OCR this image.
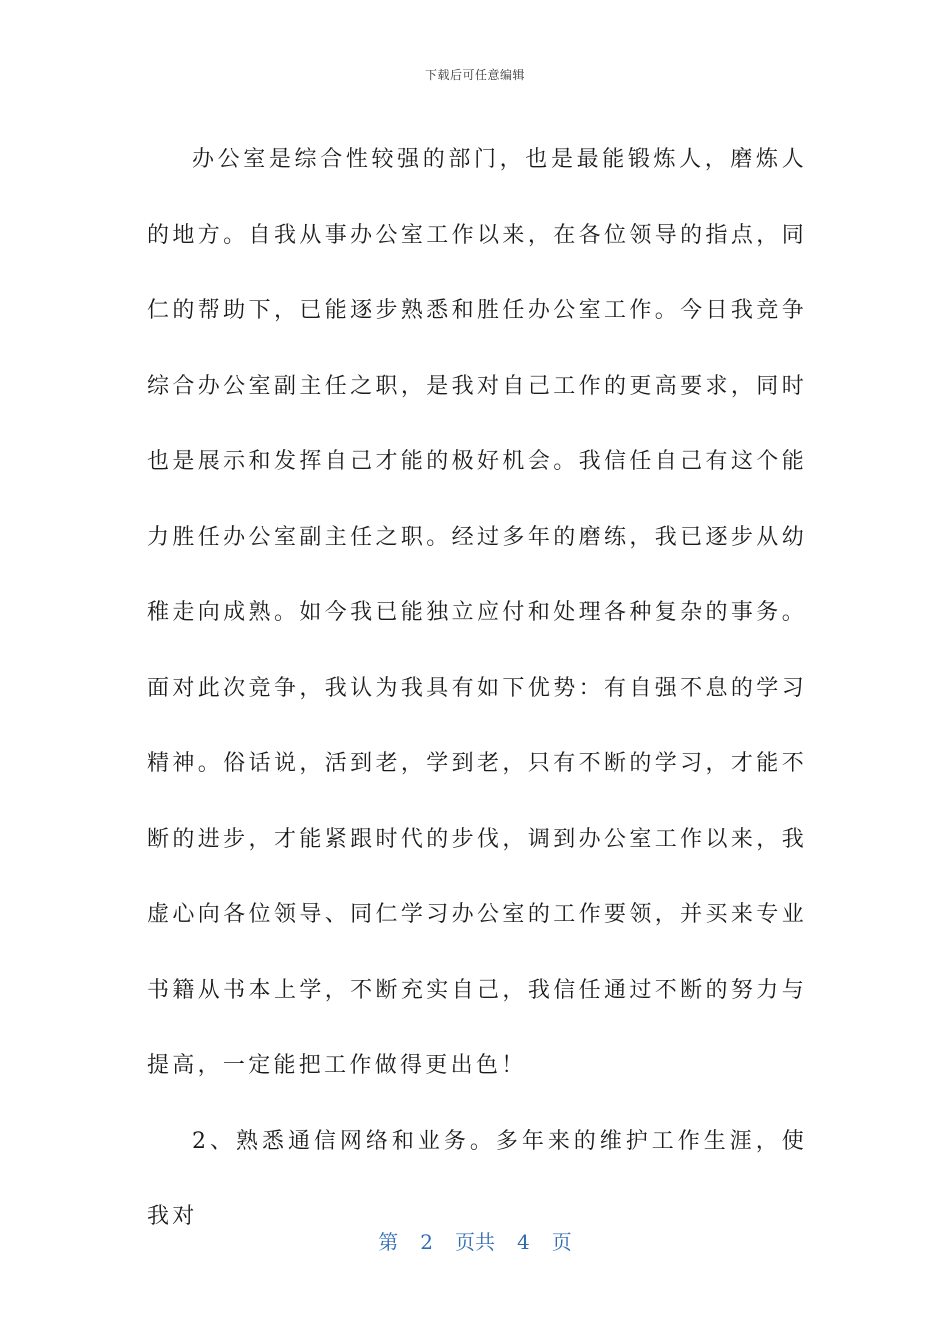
下载后可任意编辑

办公室是综合性较强的部门，也是最能锻炼人，磨炼人的地方。自我从事办公室工作以来，在各位领导的指点，同仁的帮助下，已能逐步熟悉和胜任办公室工作。今日我竞争综合办公室副主任之职，是我对自己工作的更高要求，同时也是展示和发挥自己才能的极好机会。我信任自己有这个能力胜任办公室副主任之职。经过多年的磨练，我已逐步从幼稚走向成熟。如今我已能独立应付和处理各种复杂的事务。面对此次竞争，我认为我具有如下优势：有自强不息的学习精神。俗话说，活到老，学到老，只有不断的学习，才能不断的进步，才能紧跟时代的步伐，调到办公室工作以来，我虚心向各位领导、同仁学习办公室的工作要领，并买来专业书籍从书本上学，不断充实自己，我信任通过不断的努力与提高，一定能把工作做得更出色！

2、熟悉通信网络和业务。多年来的维护工作生涯，使我对

第 2 页共 4 页
